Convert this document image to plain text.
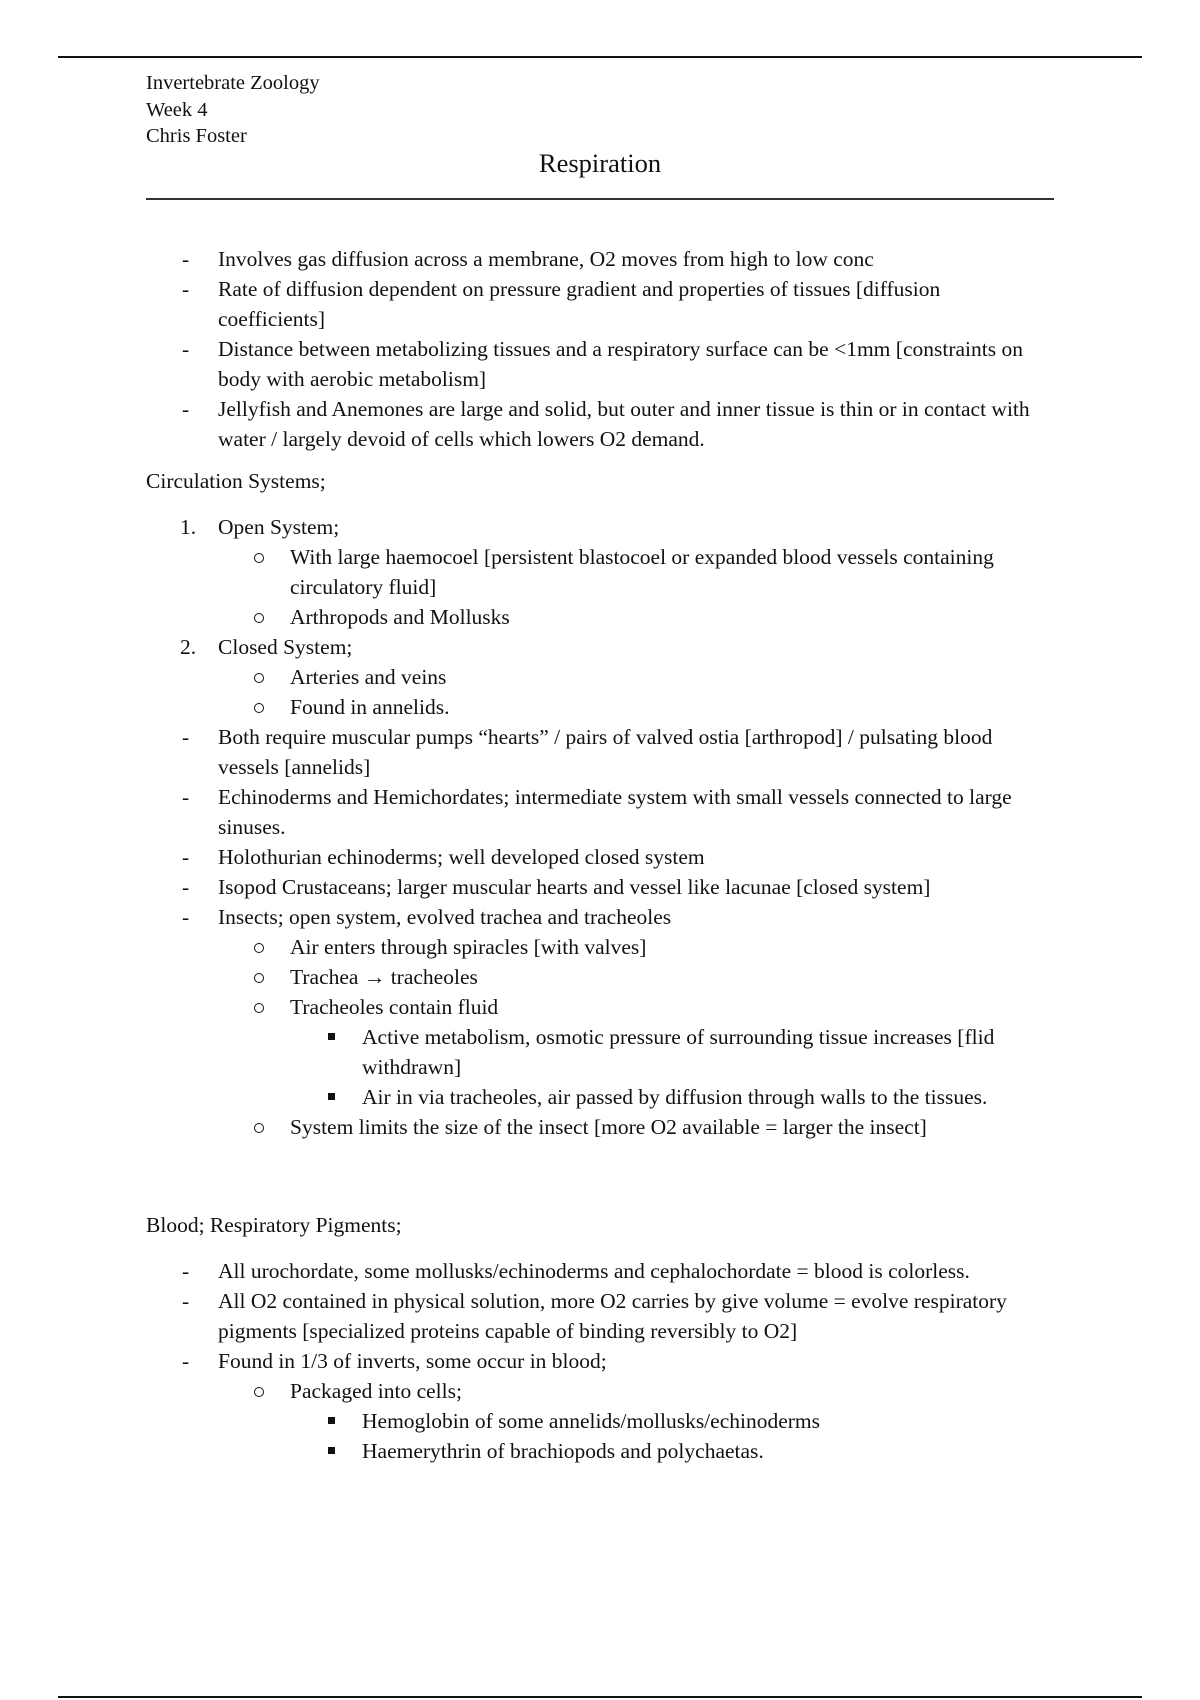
Invertebrate Zoology
Week 4
Chris Foster
Respiration
-	Involves gas diffusion across a membrane, O2 moves from high to low conc
-	Rate of diffusion dependent on pressure gradient and properties of tissues [diffusion coefficients]
-	Distance between metabolizing tissues and a respiratory surface can be <1mm [constraints on body with aerobic metabolism]
-	Jellyfish and Anemones are large and solid, but outer and inner tissue is thin or in contact with water / largely devoid of cells which lowers O2 demand.
Circulation Systems;
1.	Open System;
With large haemocoel [persistent blastocoel or expanded blood vessels containing circulatory fluid]
Arthropods and Mollusks
2.	Closed System;
Arteries and veins
Found in annelids.
-	Both require muscular pumps “hearts” / pairs of valved ostia [arthropod] / pulsating blood vessels [annelids]
-	Echinoderms and Hemichordates; intermediate system with small vessels connected to large sinuses.
-	Holothurian echinoderms; well developed closed system
-	Isopod Crustaceans; larger muscular hearts and vessel like lacunae [closed system]
-	Insects; open system, evolved trachea and tracheoles
Air enters through spiracles [with valves]
Trachea → tracheoles
Tracheoles contain fluid
Active metabolism, osmotic pressure of surrounding tissue increases [flid withdrawn]
Air in via tracheoles, air passed by diffusion through walls to the tissues.
System limits the size of the insect [more O2 available = larger the insect]
Blood; Respiratory Pigments;
-	All urochordate, some mollusks/echinoderms and cephalochordate = blood is colorless.
-	All O2 contained in physical solution, more O2 carries by give volume = evolve respiratory pigments [specialized proteins capable of binding reversibly to O2]
-	Found in 1/3 of inverts, some occur in blood;
Packaged into cells;
Hemoglobin of some annelids/mollusks/echinoderms
Haemerythrin of brachiopods and polychaetas.
